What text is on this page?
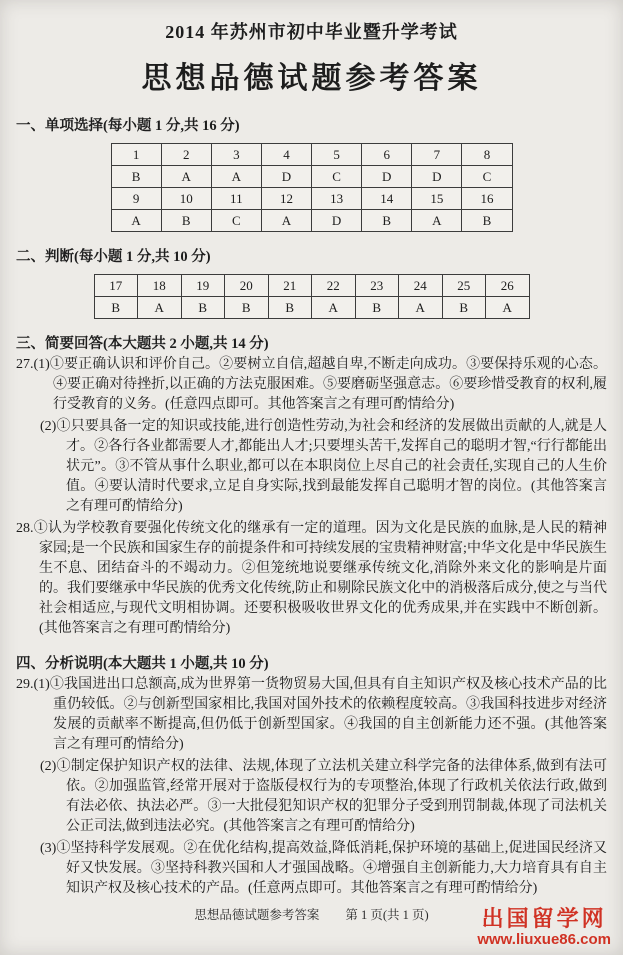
2014 年苏州市初中毕业暨升学考试
思想品德试题参考答案
一、单项选择(每小题 1 分,共 16 分)
1	2	3	4	5	6	7	8
B	A	A	D	C	D	D	C
9	10	11	12	13	14	15	16
A	B	C	A	D	B	A	B
二、判断(每小题 1 分,共 10 分)
17	18	19	20	21	22	23	24	25	26
B	A	B	B	B	A	B	A	B	A
三、简要回答(本大题共 2 小题,共 14 分)

27.(1)①要正确认识和评价自己。②要树立自信,超越自卑,不断走向成功。③要保持乐观的心态。④要正确对待挫折,以正确的方法克服困难。⑤要磨砺坚强意志。⑥要珍惜受教育的权利,履行受教育的义务。(任意四点即可。其他答案言之有理可酌情给分)

(2)①只要具备一定的知识或技能,进行创造性劳动,为社会和经济的发展做出贡献的人,就是人才。②各行各业都需要人才,都能出人才;只要埋头苦干,发挥自己的聪明才智,“行行都能出状元”。③不管从事什么职业,都可以在本职岗位上尽自己的社会责任,实现自己的人生价值。④要认清时代要求,立足自身实际,找到最能发挥自己聪明才智的岗位。(其他答案言之有理可酌情给分)

28.①认为学校教育要强化传统文化的继承有一定的道理。因为文化是民族的血脉,是人民的精神家园;是一个民族和国家生存的前提条件和可持续发展的宝贵精神财富;中华文化是中华民族生生不息、团结奋斗的不竭动力。②但笼统地说要继承传统文化,消除外来文化的影响是片面的。我们要继承中华民族的优秀文化传统,防止和剔除民族文化中的消极落后成分,使之与当代社会相适应,与现代文明相协调。还要积极吸收世界文化的优秀成果,并在实践中不断创新。(其他答案言之有理可酌情给分)

四、分析说明(本大题共 1 小题,共 10 分)

29.(1)①我国进出口总额高,成为世界第一货物贸易大国,但具有自主知识产权及核心技术产品的比重仍较低。②与创新型国家相比,我国对国外技术的依赖程度较高。③我国科技进步对经济发展的贡献率不断提高,但仍低于创新型国家。④我国的自主创新能力还不强。(其他答案言之有理可酌情给分)

(2)①制定保护知识产权的法律、法规,体现了立法机关建立科学完备的法律体系,做到有法可依。②加强监管,经常开展对于盗版侵权行为的专项整治,体现了行政机关依法行政,做到有法必依、执法必严。③一大批侵犯知识产权的犯罪分子受到刑罚制裁,体现了司法机关公正司法,做到违法必究。(其他答案言之有理可酌情给分)

(3)①坚持科学发展观。②在优化结构,提高效益,降低消耗,保护环境的基础上,促进国民经济又好又快发展。③坚持科教兴国和人才强国战略。④增强自主创新能力,大力培育具有自主知识产权及核心技术的产品。(任意两点即可。其他答案言之有理可酌情给分)

思想品德试题参考答案 第 1 页(共 1 页)	出国留学网
www.liuxue86.com
